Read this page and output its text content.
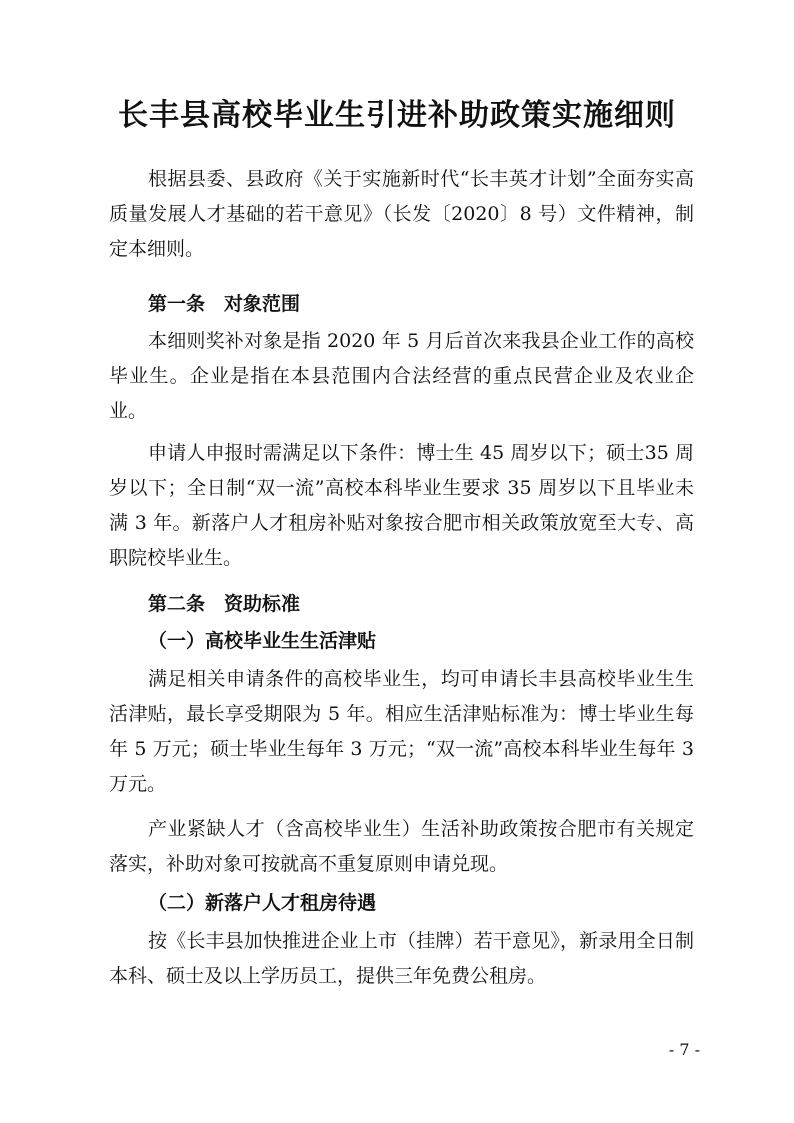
长丰县高校毕业生引进补助政策实施细则

根据县委、县政府《关于实施新时代“长丰英才计划”全面夯实高质量发展人才基础的若干意见》（长发〔2020〕8 号）文件精神，制定本细则。

第一条　对象范围

本细则奖补对象是指 2020 年 5 月后首次来我县企业工作的高校毕业生。企业是指在本县范围内合法经营的重点民营企业及农业企业。

申请人申报时需满足以下条件：博士生 45 周岁以下；硕士35 周岁以下；全日制“双一流”高校本科毕业生要求 35 周岁以下且毕业未满 3 年。新落户人才租房补贴对象按合肥市相关政策放宽至大专、高职院校毕业生。

第二条　资助标准
（一）高校毕业生生活津贴

满足相关申请条件的高校毕业生，均可申请长丰县高校毕业生生活津贴，最长享受期限为 5 年。相应生活津贴标准为：博士毕业生每年 5 万元；硕士毕业生每年 3 万元；“双一流”高校本科毕业生每年 3 万元。

产业紧缺人才（含高校毕业生）生活补助政策按合肥市有关规定落实，补助对象可按就高不重复原则申请兑现。

（二）新落户人才租房待遇

按《长丰县加快推进企业上市（挂牌）若干意见》，新录用全日制本科、硕士及以上学历员工，提供三年免费公租房。

- 7 -
